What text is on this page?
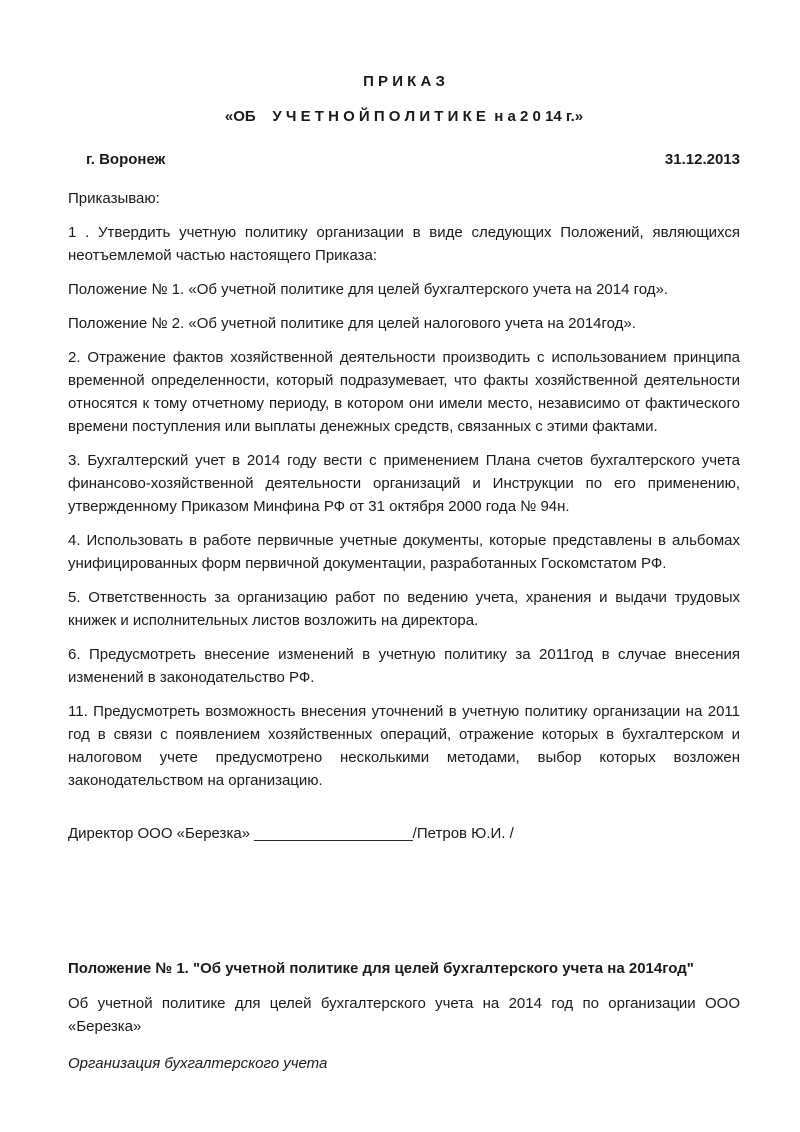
П Р И К А З
«ОБ    У Ч Е Т Н О Й П О Л И Т И К Е  н а 2 0 14 г.»
г. Воронеж	31.12.2013

Приказываю:

1 . Утвердить учетную политику организации в виде следующих Положений, являющихся неотъемлемой частью настоящего Приказа:

Положение № 1. «Об учетной политике для целей бухгалтерского учета на 2014 год».

Положение № 2. «Об учетной политике для целей налогового учета на 2014год».

2. Отражение фактов хозяйственной деятельности производить с использованием принципа временной определенности, который подразумевает, что факты хозяйственной деятельности относятся к тому отчетному периоду, в котором они имели место, независимо от фактического времени поступления или выплаты денежных средств, связанных с этими фактами.

3. Бухгалтерский учет в 2014 году вести с применением Плана счетов бухгалтерского учета финансово-хозяйственной деятельности организаций и Инструкции по его применению, утвержденному Приказом Минфина РФ от 31 октября 2000 года № 94н.

4. Использовать в работе первичные учетные документы, которые представлены в альбомах унифицированных форм первичной документации, разработанных Госкомстатом РФ.

5. Ответственность за организацию работ по ведению учета, хранения и выдачи трудовых книжек и исполнительных листов возложить на директора.

6. Предусмотреть внесение изменений в учетную политику за 2011год в случае внесения изменений в законодательство РФ.

11. Предусмотреть возможность внесения уточнений в учетную политику организации на 2011 год в связи с появлением хозяйственных операций, отражение которых в бухгалтерском и налоговом учете предусмотрено несколькими методами, выбор которых возложен законодательством на организацию.

Директор ООО «Березка» ___________________/Петров Ю.И. /

Положение № 1. "Об учетной политике для целей бухгалтерского учета на 2014год"

Об учетной политике для целей бухгалтерского учета на 2014 год по организации ООО «Березка»

Организация бухгалтерского учета
